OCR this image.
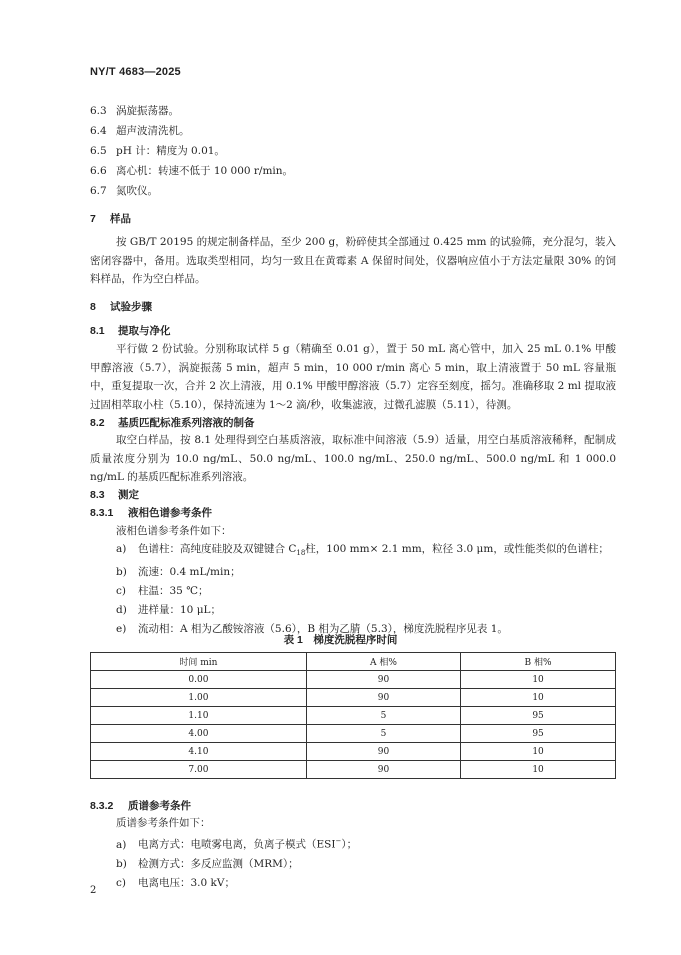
NY/T 4683—2025
6.3 涡旋振荡器。
6.4 超声波清洗机。
6.5 pH 计：精度为 0.01。
6.6 离心机：转速不低于 10 000 r/min。
6.7 氮吹仪。
7 样品

按 GB/T 20195 的规定制备样品，至少 200 g，粉碎使其全部通过 0.425 mm 的试验筛，充分混匀，装入密闭容器中，备用。选取类型相同，均匀一致且在黄霉素 A 保留时间处，仪器响应值小于方法定量限 30% 的饲料样品，作为空白样品。

8 试验步骤
8.1 提取与净化

平行做 2 份试验。分别称取试样 5 g（精确至 0.01 g），置于 50 mL 离心管中，加入 25 mL 0.1% 甲酸甲醇溶液（5.7），涡旋振荡 5 min，超声 5 min，10 000 r/min 离心 5 min，取上清液置于 50 mL 容量瓶中，重复提取一次，合并 2 次上清液，用 0.1% 甲酸甲醇溶液（5.7）定容至刻度，摇匀。准确移取 2 ml 提取液过固相萃取小柱（5.10），保持流速为 1～2 滴/秒，收集滤液，过微孔滤膜（5.11），待测。

8.2 基质匹配标准系列溶液的制备

取空白样品，按 8.1 处理得到空白基质溶液，取标准中间溶液（5.9）适量，用空白基质溶液稀释，配制成质量浓度分别为 10.0 ng/mL、50.0 ng/mL、100.0 ng/mL、250.0 ng/mL、500.0 ng/mL 和 1 000.0 ng/mL 的基质匹配标准系列溶液。

8.3 测定
8.3.1 液相色谱参考条件
液相色谱参考条件如下：
a) 色谱柱：高纯度硅胶及双键键合 $C_{18}$柱，100 mm× 2.1 mm，粒径 3.0 μm，或性能类似的色谱柱；
b) 流速：0.4 mL/min；
c) 柱温：35 ℃；
d) 进样量：10 μL；
e) 流动相：A 相为乙酸铵溶液（5.6），B 相为乙腈（5.3），梯度洗脱程序见表 1。
表 1　梯度洗脱程序时间
时间 min	A 相%	B 相%
0.00	90	10
1.00	90	10
1.10	5	95
4.00	5	95
4.10	90	10
7.00	90	10
8.3.2 质谱参考条件
质谱参考条件如下：
a) 电离方式：电喷雾电离，负离子模式（ESI−）；
b) 检测方式：多反应监测（MRM）；
c) 电离电压：3.0 kV；
2
